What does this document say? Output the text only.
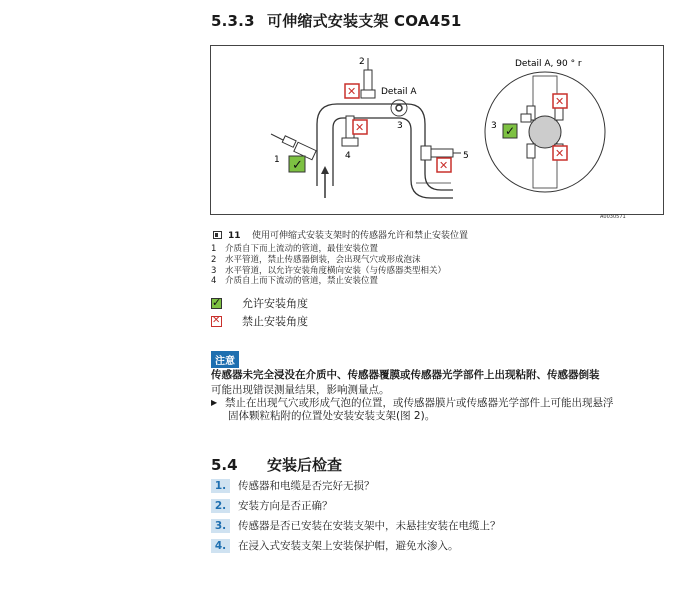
5.3.3 可伸缩式安装支架 COA451
Detail A
3
✓
1
✕
2
✕
4
✕
5
Detail A, 90 ° r
✕
✕
✓
3
A0030571
11 使用可伸缩式安装支架时的传感器允许和禁止安装位置
1 介质自下而上流动的管道，最佳安装位置
2 水平管道，禁止传感器倒装，会出现气穴或形成泡沫
3 水平管道，以允许安装角度横向安装（与传感器类型相关）
4 介质自上而下流动的管道，禁止安装位置
✓允许安装角度
✕禁止安装角度
注意
传感器未完全浸没在介质中、传感器覆膜或传感器光学部件上出现粘附、传感器倒装
可能出现错误测量结果，影响测量点。
▶ 禁止在出现气穴或形成气泡的位置，或传感器膜片或传感器光学部件上可能出现悬浮
固体颗粒粘附的位置处安装安装支架(图 2)。
5.4 安装后检查
1. 传感器和电缆是否完好无损？
2. 安装方向是否正确？
3. 传感器是否已安装在安装支架中，未悬挂安装在电缆上？
4. 在浸入式安装支架上安装保护帽，避免水渗入。
